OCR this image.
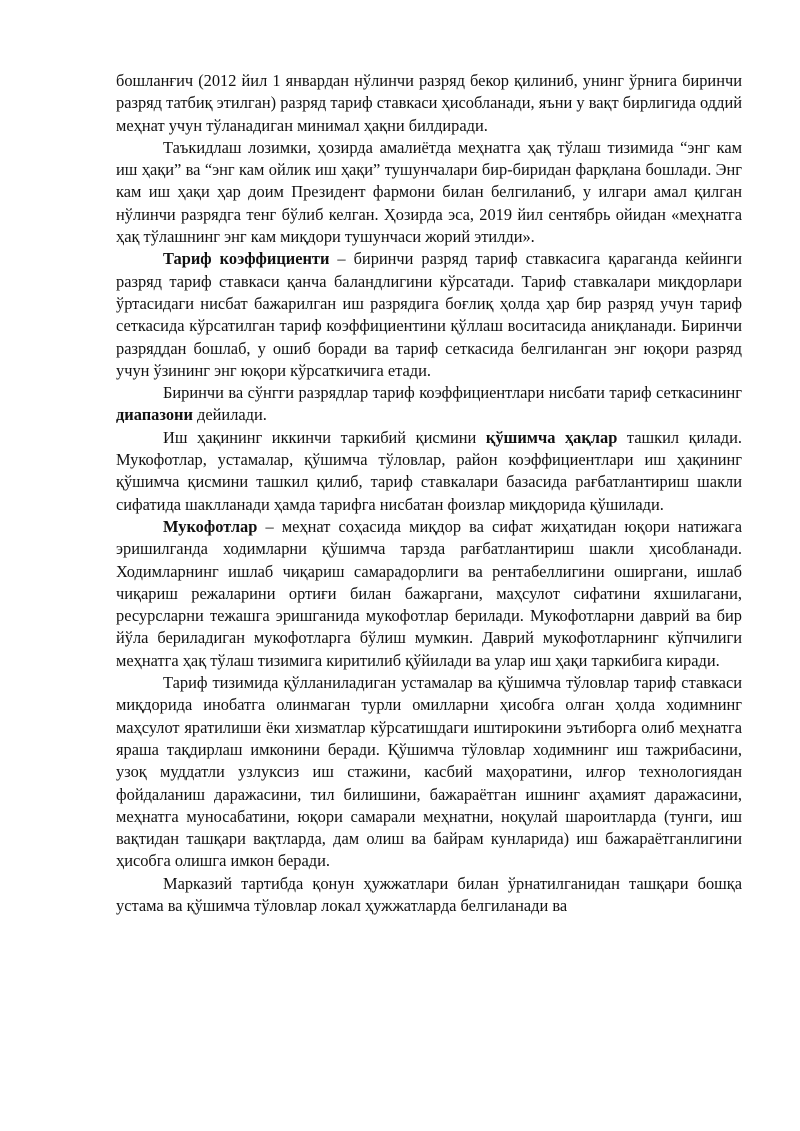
бошланғич (2012 йил 1 январдан нўлинчи разряд бекор қилиниб, унинг ўрнига биринчи разряд татбиқ этилган) разряд тариф ставкаси ҳисобланади, яъни у вақт бирлигида оддий меҳнат учун тўланадиган минимал ҳақни билдиради.

Таъкидлаш лозимки, ҳозирда амалиётда меҳнатга ҳақ тўлаш тизимида “энг кам иш ҳақи” ва “энг кам ойлик иш ҳақи” тушунчалари бир-биридан фарқлана бошлади. Энг кам иш ҳақи ҳар доим Президент фармони билан белгиланиб, у илгари амал қилган нўлинчи разрядга тенг бўлиб келган. Ҳозирда эса, 2019 йил сентябрь ойидан «меҳнатга ҳақ тўлашнинг энг кам миқдори тушунчаси жорий этилди».

Тариф коэффициенти – биринчи разряд тариф ставкасига қараганда кейинги разряд тариф ставкаси қанча баландлигини кўрсатади. Тариф ставкалари миқдорлари ўртасидаги нисбат бажарилган иш разрядига боғлиқ ҳолда ҳар бир разряд учун тариф сеткасида кўрсатилган тариф коэффициентини қўллаш воситасида аниқланади. Биринчи разряддан бошлаб, у ошиб боради ва тариф сеткасида белгиланган энг юқори разряд учун ўзининг энг юқори кўрсаткичига етади.

Биринчи ва сўнгги разрядлар тариф коэффициентлари нисбати тариф сеткасининг диапазони дейилади.

Иш ҳақининг иккинчи таркибий қисмини қўшимча ҳақлар ташкил қилади. Мукофотлар, устамалар, қўшимча тўловлар, район коэффициентлари иш ҳақининг қўшимча қисмини ташкил қилиб, тариф ставкалари базасида рағбатлантириш шакли сифатида шаклланади ҳамда тарифга нисбатан фоизлар миқдорида қўшилади.

Мукофотлар – меҳнат соҳасида миқдор ва сифат жиҳатидан юқори натижага эришилганда ходимларни қўшимча тарзда рағбатлантириш шакли ҳисобланади. Ходимларнинг ишлаб чиқариш самарадорлиги ва рентабеллигини оширгани, ишлаб чиқариш режаларини ортиғи билан бажаргани, маҳсулот сифатини яхшилагани, ресурсларни тежашга эришганида мукофотлар берилади. Мукофотларни даврий ва бир йўла бериладиган мукофотларга бўлиш мумкин. Даврий мукофотларнинг кўпчилиги меҳнатга ҳақ тўлаш тизимига киритилиб қўйилади ва улар иш ҳақи таркибига киради.

Тариф тизимида қўлланиладиган устамалар ва қўшимча тўловлар тариф ставкаси миқдорида инобатга олинмаган турли омилларни ҳисобга олган ҳолда ходимнинг маҳсулот яратилиши ёки хизматлар кўрсатишдаги иштирокини эътиборга олиб меҳнатга яраша тақдирлаш имконини беради. Қўшимча тўловлар ходимнинг иш тажрибасини, узоқ муддатли узлуксиз иш стажини, касбий маҳоратини, илғор технологиядан фойдаланиш даражасини, тил билишини, бажараётган ишнинг аҳамият даражасини, меҳнатга муносабатини, юқори самарали меҳнатни, ноқулай шароитларда (тунги, иш вақтидан ташқари вақтларда, дам олиш ва байрам кунларида) иш бажараётганлигини ҳисобга олишга имкон беради.

Марказий тартибда қонун ҳужжатлари билан ўрнатилганидан ташқари бошқа устама ва қўшимча тўловлар локал ҳужжатларда белгиланади ва
